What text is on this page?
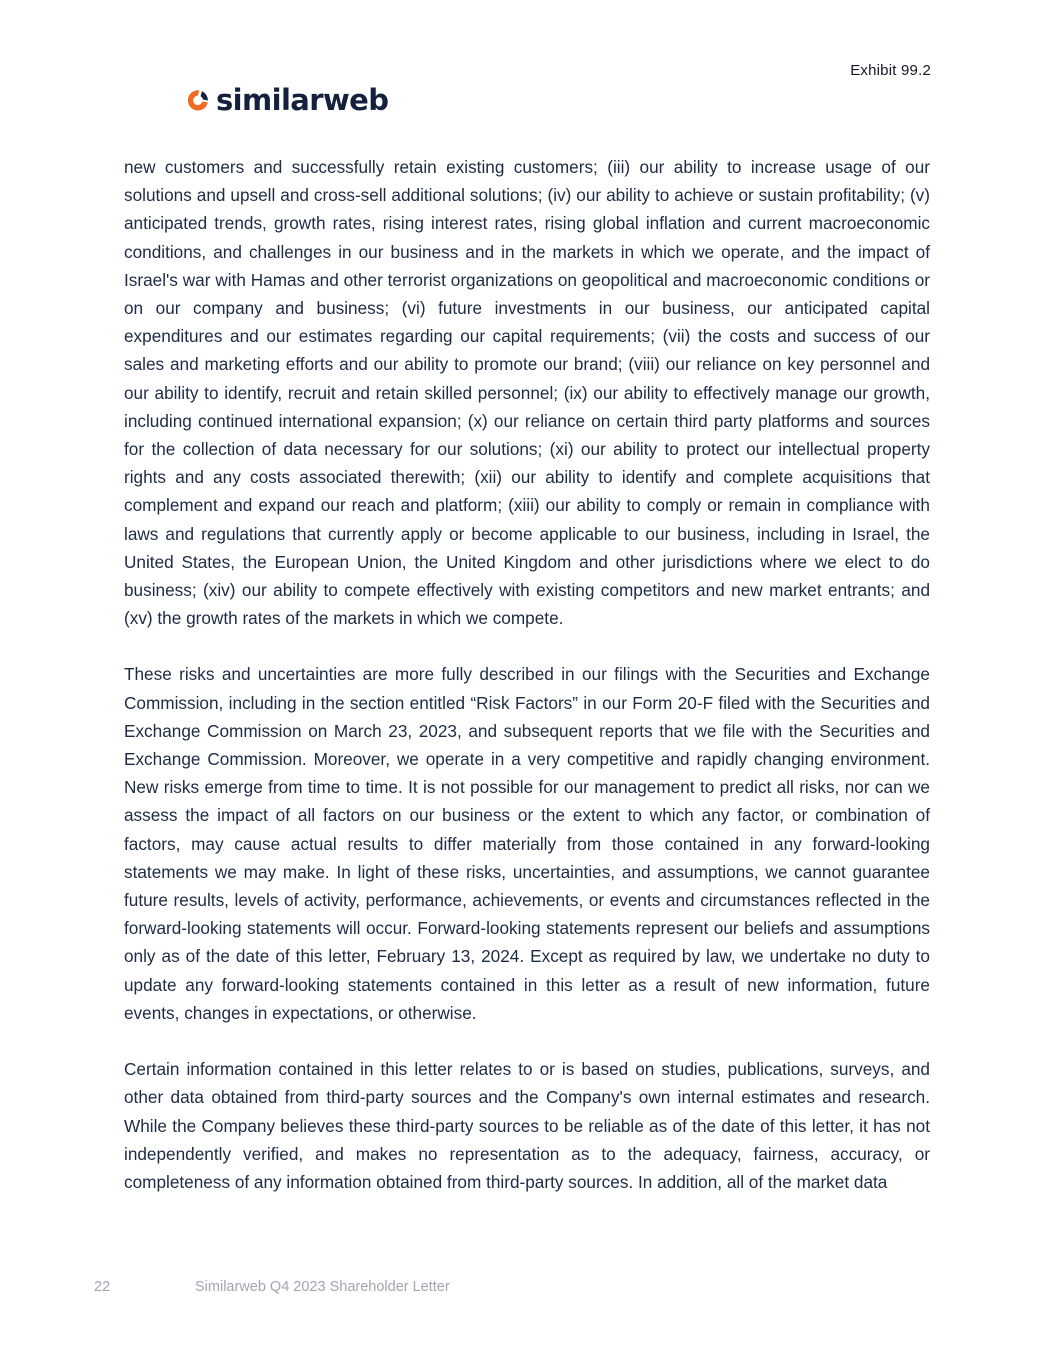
Exhibit 99.2
similarweb

new customers and successfully retain existing customers; (iii) our ability to increase usage of our solutions and upsell and cross-sell additional solutions; (iv) our ability to achieve or sustain profitability; (v) anticipated trends, growth rates, rising interest rates, rising global inflation and current macroeconomic conditions, and challenges in our business and in the markets in which we operate, and the impact of Israel's war with Hamas and other terrorist organizations on geopolitical and macroeconomic conditions or on our company and business; (vi) future investments in our business, our anticipated capital expenditures and our estimates regarding our capital requirements; (vii) the costs and success of our sales and marketing efforts and our ability to promote our brand; (viii) our reliance on key personnel and our ability to identify, recruit and retain skilled personnel; (ix) our ability to effectively manage our growth, including continued international expansion; (x) our reliance on certain third party platforms and sources for the collection of data necessary for our solutions; (xi) our ability to protect our intellectual property rights and any costs associated therewith; (xii) our ability to identify and complete acquisitions that complement and expand our reach and platform; (xiii) our ability to comply or remain in compliance with laws and regulations that currently apply or become applicable to our business, including in Israel, the United States, the European Union, the United Kingdom and other jurisdictions where we elect to do business; (xiv) our ability to compete effectively with existing competitors and new market entrants; and (xv) the growth rates of the markets in which we compete.

These risks and uncertainties are more fully described in our filings with the Securities and Exchange Commission, including in the section entitled “Risk Factors” in our Form 20-F filed with the Securities and Exchange Commission on March 23, 2023, and subsequent reports that we file with the Securities and Exchange Commission. Moreover, we operate in a very competitive and rapidly changing environment. New risks emerge from time to time. It is not possible for our management to predict all risks, nor can we assess the impact of all factors on our business or the extent to which any factor, or combination of factors, may cause actual results to differ materially from those contained in any forward-looking statements we may make. In light of these risks, uncertainties, and assumptions, we cannot guarantee future results, levels of activity, performance, achievements, or events and circumstances reflected in the forward-looking statements will occur. Forward-looking statements represent our beliefs and assumptions only as of the date of this letter, February 13, 2024. Except as required by law, we undertake no duty to update any forward-looking statements contained in this letter as a result of new information, future events, changes in expectations, or otherwise.

Certain information contained in this letter relates to or is based on studies, publications, surveys, and other data obtained from third-party sources and the Company's own internal estimates and research. While the Company believes these third-party sources to be reliable as of the date of this letter, it has not independently verified, and makes no representation as to the adequacy, fairness, accuracy, or completeness of any information obtained from third-party sources. In addition, all of the market data

22	Similarweb Q4 2023 Shareholder Letter
